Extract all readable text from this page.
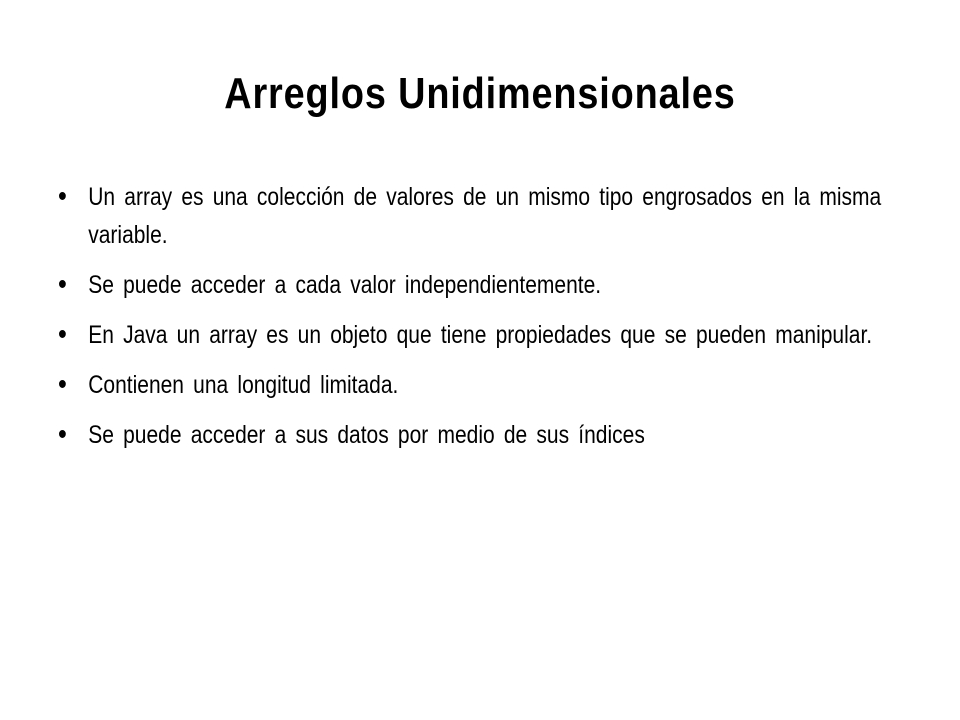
Arreglos Unidimensionales
• Un array es una colección de valores de un mismo tipo engrosados en la misma variable.
• Se puede acceder a cada valor independientemente.
• En Java un array es un objeto que tiene propiedades que se pueden manipular.
• Contienen una longitud limitada.
• Se puede acceder a sus datos por medio de sus índices
